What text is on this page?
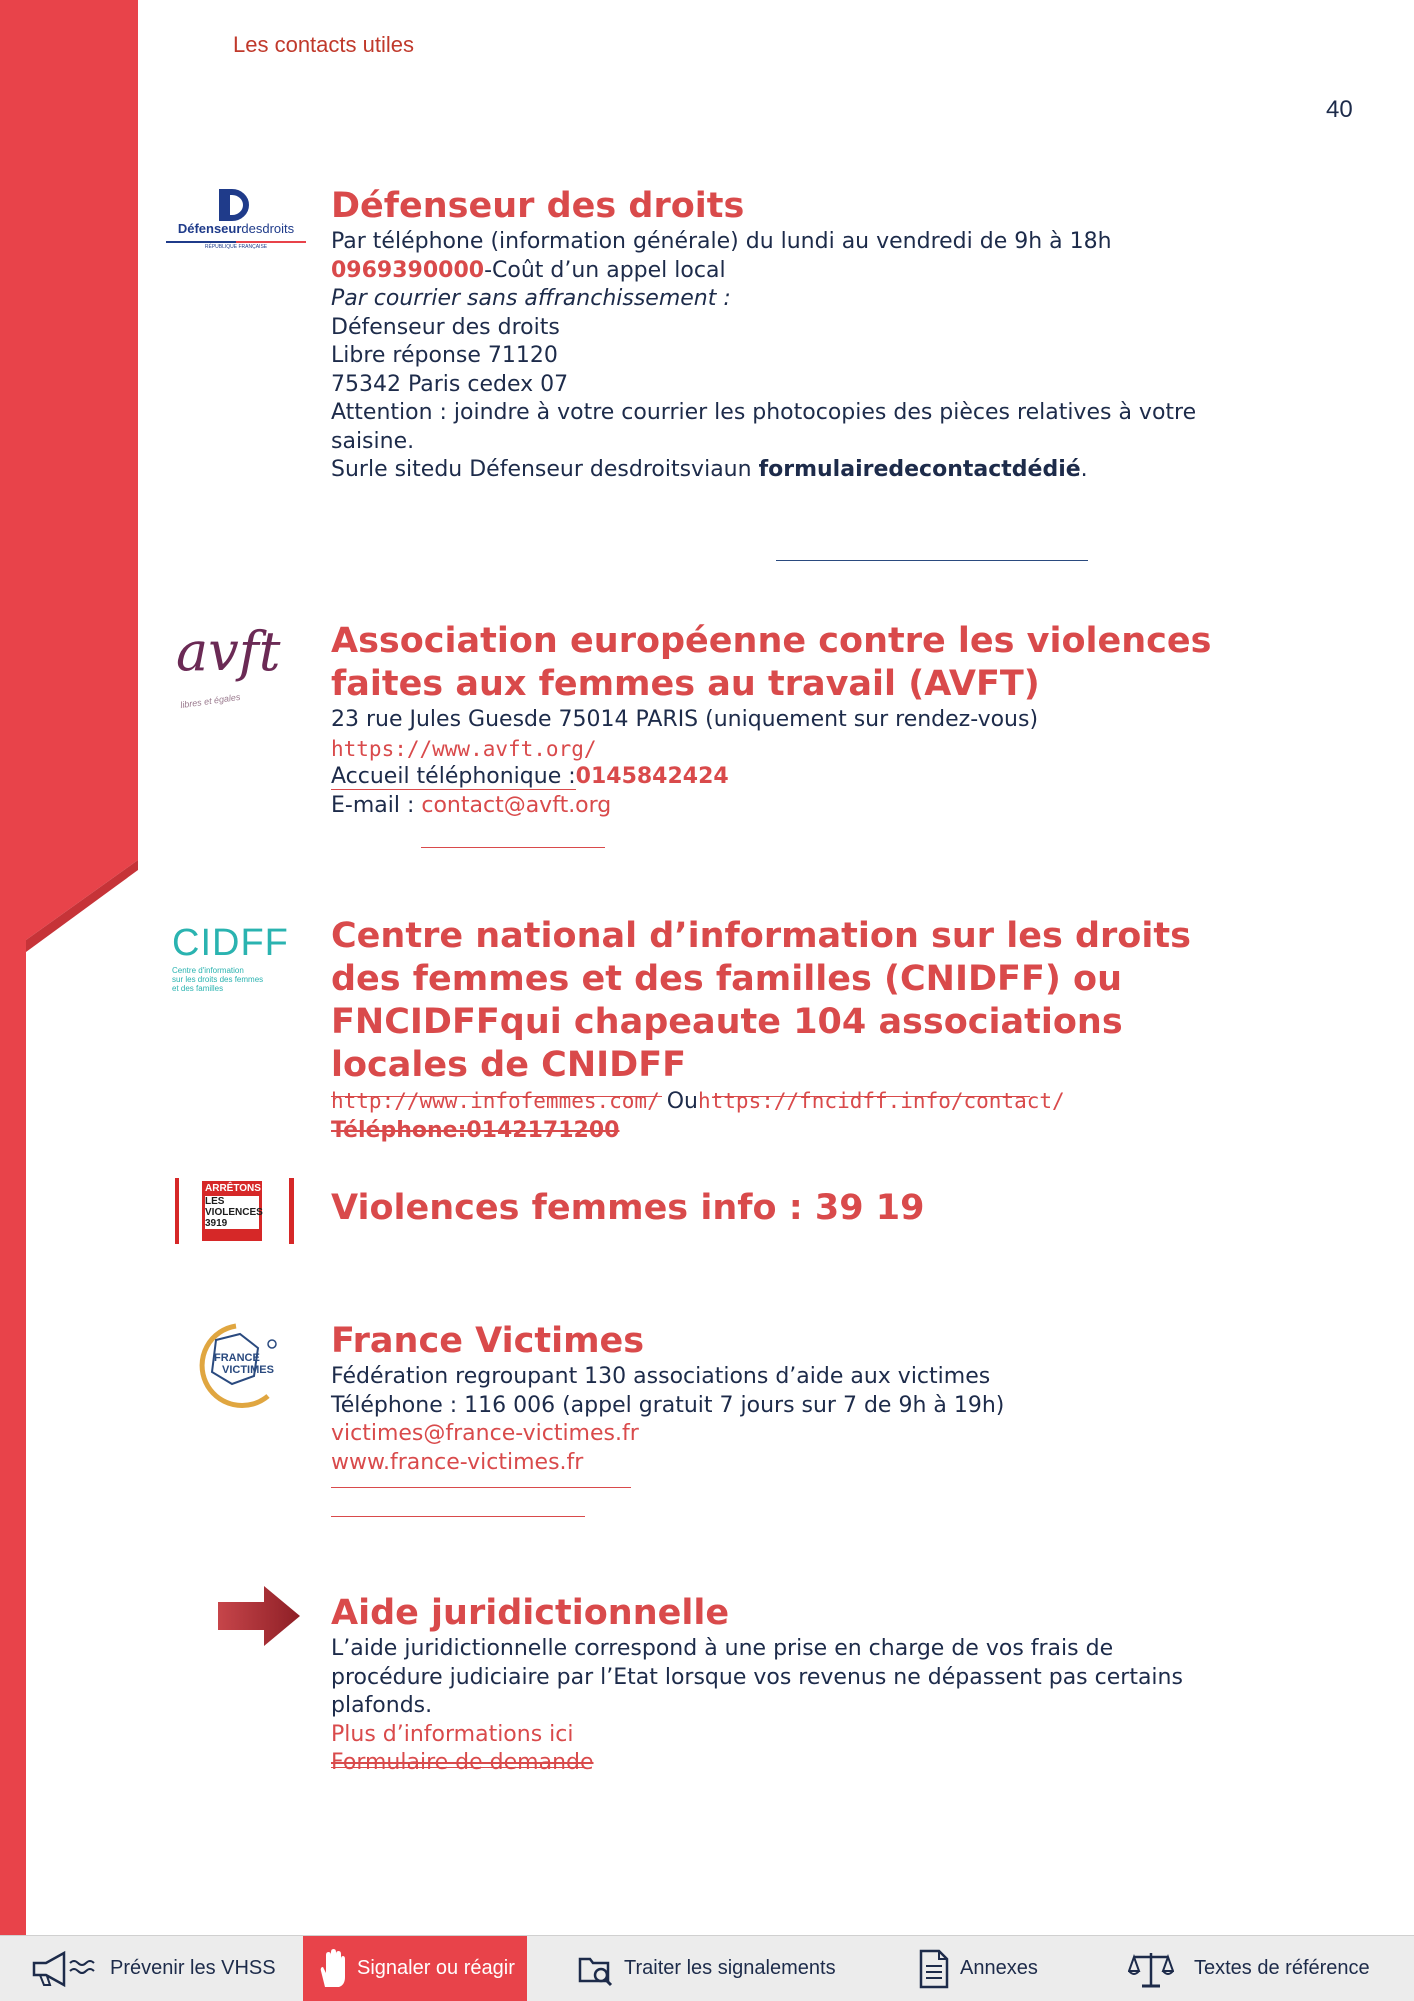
Les contacts utiles
40
Défenseurdesdroits
RÉPUBLIQUE FRANÇAISE
Défenseur des droits
Par téléphone (information générale) du lundi au vendredi de 9h à 18h
0969390000-Coût d’un appel local
Par courrier sans affranchissement :
Défenseur des droits
Libre réponse 71120
75342 Paris cedex 07
Attention : joindre à votre courrier les photocopies des pièces relatives à votre saisine.
Surle sitedu Défenseur desdroitsviaun formulairedecontactdédié.
avft
libres et égales
Association européenne contre les violences faites aux femmes au travail (AVFT)
23 rue Jules Guesde 75014 PARIS (uniquement sur rendez-vous)
https://www.avft.org/
Accueil téléphonique :0145842424
E-mail : contact@avft.org
CIDFF
Centre d'information
sur les droits des femmes
et des familles
Centre national d’information sur les droits des femmes et des familles (CNIDFF) ou FNCIDFFqui chapeaute 104 associations locales de CNIDFF
http://www.infofemmes.com/ Ouhttps://fncidff.info/contact/
Téléphone:0142171200
ARRÊTONS
LES
VIOLENCES
3919	Violences femmes info : 39 19
FRANCE
VICTIMES
France Victimes
Fédération regroupant 130 associations d’aide aux victimes
Téléphone : 116 006 (appel gratuit 7 jours sur 7 de 9h à 19h)
victimes@france-victimes.fr
www.france-victimes.fr
Aide juridictionnelle
L’aide juridictionnelle correspond à une prise en charge de vos frais de procédure judiciaire par l’Etat lorsque vos revenus ne dépassent pas certains plafonds.
Plus d’informations ici
Formulaire de demande
Prévenir les VHSS	Signaler ou réagir	Traiter les signalements	Annexes	Textes de référence
